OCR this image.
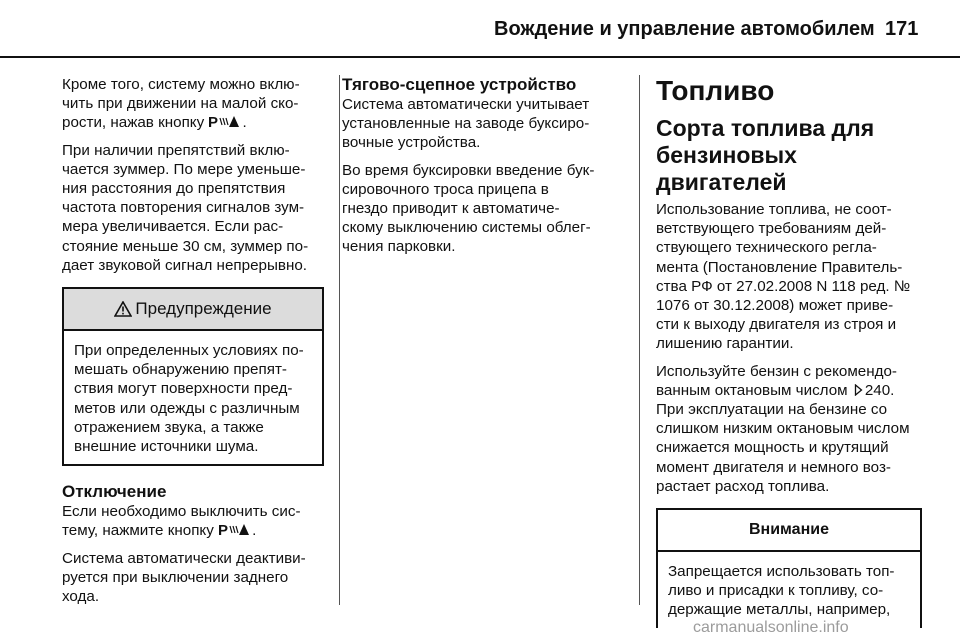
Вождение и управление автомобилем 171

Кроме того, систему можно вклю-
чить при движении на малой ско-
рости, нажав кнопку P .

При наличии препятствий вклю-
чается зуммер. По мере уменьше-
ния расстояния до препятствия
частота повторения сигналов зум-
мера увеличивается. Если рас-
стояние меньше 30 см, зуммер по-
дает звуковой сигнал непрерывно.

Предупреждение
При определенных условиях по-
мешать обнаружению препят-
ствия могут поверхности пред-
метов или одежды с различным
отражением звука, а также
внешние источники шума.
Отключение

Если необходимо выключить сис-
тему, нажмите кнопку P .

Система автоматически деактиви-
руется при выключении заднего
хода.

Тягово-сцепное устройство

Система автоматически учитывает
установленные на заводе буксиро-
вочные устройства.

Во время буксировки введение бук-
сировочного троса прицепа в
гнездо приводит к автоматиче-
скому выключению системы облег-
чения парковки.

Топливо
Сорта топлива для
бензиновых двигателей

Использование топлива, не соот-
ветствующего требованиям дей-
ствующего технического регла-
мента (Постановление Правитель-
ства РФ от 27.02.2008 N 118 ред. №
1076 от 30.12.2008) может приве-
сти к выходу двигателя из строя и
лишению гарантии.

Используйте бензин с рекомендо-
ванным октановым числом 240.
При эксплуатации на бензине со
слишком низким октановым числом
снижается мощность и крутящий
момент двигателя и немного воз-
растает расход топлива.

Внимание
Запрещается использовать топ-
ливо и присадки к топливу, со-
держащие металлы, например,
carmanualsonline.info
